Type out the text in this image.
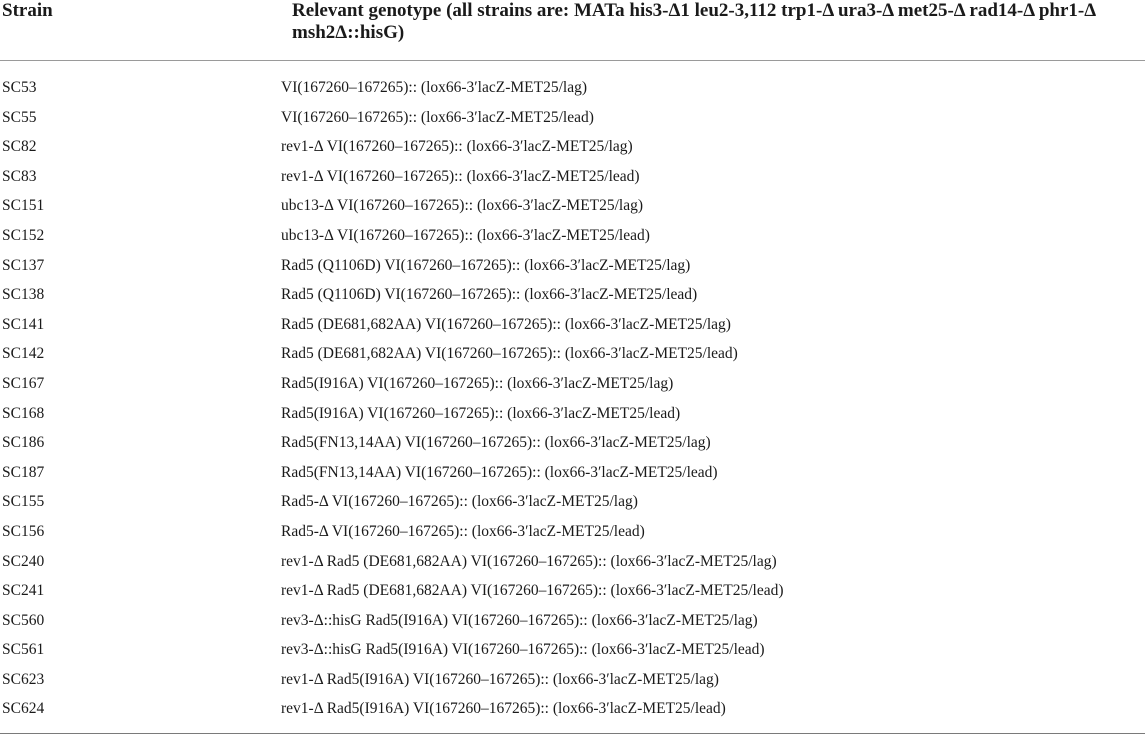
Strain	Relevant genotype (all strains are: MATa his3-Δ1 leu2-3,112 trp1-Δ ura3-Δ met25-Δ rad14-Δ phr1-Δ msh2Δ::hisG)
SC53	VI(167260–167265):: (lox66-3′lacZ-MET25/lag)
SC55	VI(167260–167265):: (lox66-3′lacZ-MET25/lead)
SC82	rev1-Δ VI(167260–167265):: (lox66-3′lacZ-MET25/lag)
SC83	rev1-Δ VI(167260–167265):: (lox66-3′lacZ-MET25/lead)
SC151	ubc13-Δ VI(167260–167265):: (lox66-3′lacZ-MET25/lag)
SC152	ubc13-Δ VI(167260–167265):: (lox66-3′lacZ-MET25/lead)
SC137	Rad5 (Q1106D) VI(167260–167265):: (lox66-3′lacZ-MET25/lag)
SC138	Rad5 (Q1106D) VI(167260–167265):: (lox66-3′lacZ-MET25/lead)
SC141	Rad5 (DE681,682AA) VI(167260–167265):: (lox66-3′lacZ-MET25/lag)
SC142	Rad5 (DE681,682AA) VI(167260–167265):: (lox66-3′lacZ-MET25/lead)
SC167	Rad5(I916A) VI(167260–167265):: (lox66-3′lacZ-MET25/lag)
SC168	Rad5(I916A) VI(167260–167265):: (lox66-3′lacZ-MET25/lead)
SC186	Rad5(FN13,14AA) VI(167260–167265):: (lox66-3′lacZ-MET25/lag)
SC187	Rad5(FN13,14AA) VI(167260–167265):: (lox66-3′lacZ-MET25/lead)
SC155	Rad5-Δ VI(167260–167265):: (lox66-3′lacZ-MET25/lag)
SC156	Rad5-Δ VI(167260–167265):: (lox66-3′lacZ-MET25/lead)
SC240	rev1-Δ Rad5 (DE681,682AA) VI(167260–167265):: (lox66-3′lacZ-MET25/lag)
SC241	rev1-Δ Rad5 (DE681,682AA) VI(167260–167265):: (lox66-3′lacZ-MET25/lead)
SC560	rev3-Δ::hisG Rad5(I916A) VI(167260–167265):: (lox66-3′lacZ-MET25/lag)
SC561	rev3-Δ::hisG Rad5(I916A) VI(167260–167265):: (lox66-3′lacZ-MET25/lead)
SC623	rev1-Δ Rad5(I916A) VI(167260–167265):: (lox66-3′lacZ-MET25/lag)
SC624	rev1-Δ Rad5(I916A) VI(167260–167265):: (lox66-3′lacZ-MET25/lead)
